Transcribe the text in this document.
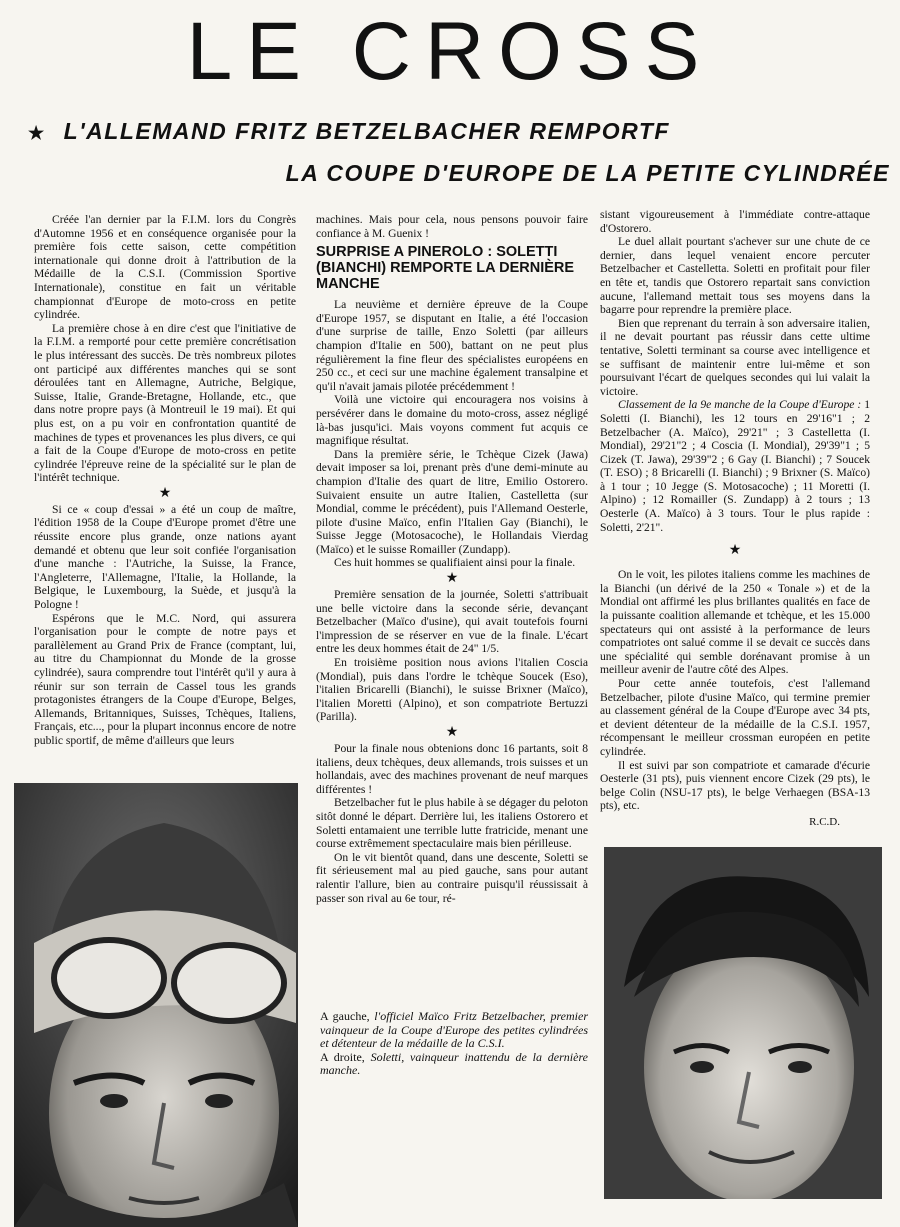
LE CROSS
★ L'ALLEMAND FRITZ BETZELBACHER REMPORTF
LA COUPE D'EUROPE DE LA PETITE CYLINDRÉE

Créée l'an dernier par la F.I.M. lors du Congrès d'Automne 1956 et en conséquence organisée pour la première fois cette saison, cette compétition internationale qui donne droit à l'attribution de la Médaille de la C.S.I. (Commission Sportive Internationale), constitue en fait un véritable championnat d'Europe de moto-cross en petite cylindrée.

La première chose à en dire c'est que l'initiative de la F.I.M. a remporté pour cette première concrétisation le plus intéressant des succès. De très nombreux pilotes ont participé aux différentes manches qui se sont déroulées tant en Allemagne, Autriche, Belgique, Suisse, Italie, Grande-Bretagne, Hollande, etc., que dans notre propre pays (à Montreuil le 19 mai). Et qui plus est, on a pu voir en confrontation quantité de machines de types et provenances les plus divers, ce qui a fait de la Coupe d'Europe de moto-cross en petite cylindrée l'épreuve reine de la spécialité sur le plan de l'intérêt technique.

★

Si ce « coup d'essai » a été un coup de maître, l'édition 1958 de la Coupe d'Europe promet d'être une réussite encore plus grande, onze nations ayant demandé et obtenu que leur soit confiée l'organisation d'une manche : l'Autriche, la Suisse, la France, l'Angleterre, l'Allemagne, l'Italie, la Hollande, la Belgique, le Luxembourg, la Suède, et jusqu'à la Pologne !

Espérons que le M.C. Nord, qui assurera l'organisation pour le compte de notre pays et parallèlement au Grand Prix de France (comptant, lui, au titre du Championnat du Monde de la grosse cylindrée), saura comprendre tout l'intérêt qu'il y aura à réunir sur son terrain de Cassel tous les grands protagonistes étrangers de la Coupe d'Europe, Belges, Allemands, Britanniques, Suisses, Tchèques, Italiens, Français, etc..., pour la plupart inconnus encore de notre public sportif, de même d'ailleurs que leurs

machines. Mais pour cela, nous pensons pouvoir faire confiance à M. Guenix !

SURPRISE A PINEROLO : SOLETTI (BIANCHI) REMPORTE LA DERNIÈRE MANCHE

La neuvième et dernière épreuve de la Coupe d'Europe 1957, se disputant en Italie, a été l'occasion d'une surprise de taille, Enzo Soletti (par ailleurs champion d'Italie en 500), battant on ne peut plus régulièrement la fine fleur des spécialistes européens en 250 cc., et ceci sur une machine également transalpine et qu'il n'avait jamais pilotée précédemment !

Voilà une victoire qui encouragera nos voisins à persévérer dans le domaine du moto-cross, assez négligé là-bas jusqu'ici. Mais voyons comment fut acquis ce magnifique résultat.

Dans la première série, le Tchèque Cizek (Jawa) devait imposer sa loi, prenant près d'une demi-minute au champion d'Italie des quart de litre, Emilio Ostorero. Suivaient ensuite un autre Italien, Castelletta (sur Mondial, comme le précédent), puis l'Allemand Oesterle, pilote d'usine Maïco, enfin l'Italien Gay (Bianchi), le Suisse Jegge (Motosacoche), le Hollandais Vierdag (Maïco) et le suisse Romailler (Zundapp).

Ces huit hommes se qualifiaient ainsi pour la finale.

★

Première sensation de la journée, Soletti s'attribuait une belle victoire dans la seconde série, devançant Betzelbacher (Maïco d'usine), qui avait toutefois fourni l'impression de se réserver en vue de la finale. L'écart entre les deux hommes était de 24" 1/5.

En troisième position nous avions l'italien Coscia (Mondial), puis dans l'ordre le tchèque Soucek (Eso), l'italien Bricarelli (Bianchi), le suisse Brixner (Maïco), l'italien Moretti (Alpino), et son compatriote Bertuzzi (Parilla).

★

Pour la finale nous obtenions donc 16 partants, soit 8 italiens, deux tchèques, deux allemands, trois suisses et un hollandais, avec des machines provenant de neuf marques différentes !

Betzelbacher fut le plus habile à se dégager du peloton sitôt donné le départ. Derrière lui, les italiens Ostorero et Soletti entamaient une terrible lutte fratricide, menant une course extrêmement spectaculaire mais bien périlleuse.

On le vit bientôt quand, dans une descente, Soletti se fit sérieusement mal au pied gauche, sans pour autant ralentir l'allure, bien au contraire puisqu'il réussissait à passer son rival au 6e tour, ré-

sistant vigoureusement à l'immédiate contre-attaque d'Ostorero.

Le duel allait pourtant s'achever sur une chute de ce dernier, dans lequel venaient encore percuter Betzelbacher et Castelletta. Soletti en profitait pour filer en tête et, tandis que Ostorero repartait sans conviction aucune, l'allemand mettait tous ses moyens dans la bagarre pour reprendre la première place.

Bien que reprenant du terrain à son adversaire italien, il ne devait pourtant pas réussir dans cette ultime tentative, Soletti terminant sa course avec intelligence et se suffisant de maintenir entre lui-même et son poursuivant l'écart de quelques secondes qui lui valait la victoire.

Classement de la 9e manche de la Coupe d'Europe : 1 Soletti (I. Bianchi), les 12 tours en 29'16"1 ; 2 Betzelbacher (A. Maïco), 29'21" ; 3 Castelletta (I. Mondial), 29'21"2 ; 4 Coscia (I. Mondial), 29'39"1 ; 5 Cizek (T. Jawa), 29'39"2 ; 6 Gay (I. Bianchi) ; 7 Soucek (T. ESO) ; 8 Bricarelli (I. Bianchi) ; 9 Brixner (S. Maïco) à 1 tour ; 10 Jegge (S. Motosacoche) ; 11 Moretti (I. Alpino) ; 12 Romailler (S. Zundapp) à 2 tours ; 13 Oesterle (A. Maïco) à 3 tours. Tour le plus rapide : Soletti, 2'21".

★

On le voit, les pilotes italiens comme les machines de la Bianchi (un dérivé de la 250 « Tonale ») et de la Mondial ont affirmé les plus brillantes qualités en face de la puissante coalition allemande et tchèque, et les 15.000 spectateurs qui ont assisté à la performance de leurs compatriotes ont salué comme il se devait ce succès dans une spécialité qui semble dorénavant promise à un meilleur avenir de l'autre côté des Alpes.

Pour cette année toutefois, c'est l'allemand Betzelbacher, pilote d'usine Maïco, qui termine premier au classement général de la Coupe d'Europe avec 34 pts, et devient détenteur de la médaille de la C.S.I. 1957, récompensant le meilleur crossman européen en petite cylindrée.

Il est suivi par son compatriote et camarade d'écurie Oesterle (31 pts), puis viennent encore Cizek (29 pts), le belge Colin (NSU-17 pts), le belge Verhaegen (BSA-13 pts), etc.

R.C.D.

A gauche, l'officiel Maïco Fritz Betzelbacher, premier vainqueur de la Coupe d'Europe des petites cylindrées et détenteur de la médaille de la C.S.I.

A droite, Soletti, vainqueur inattendu de la dernière manche.
